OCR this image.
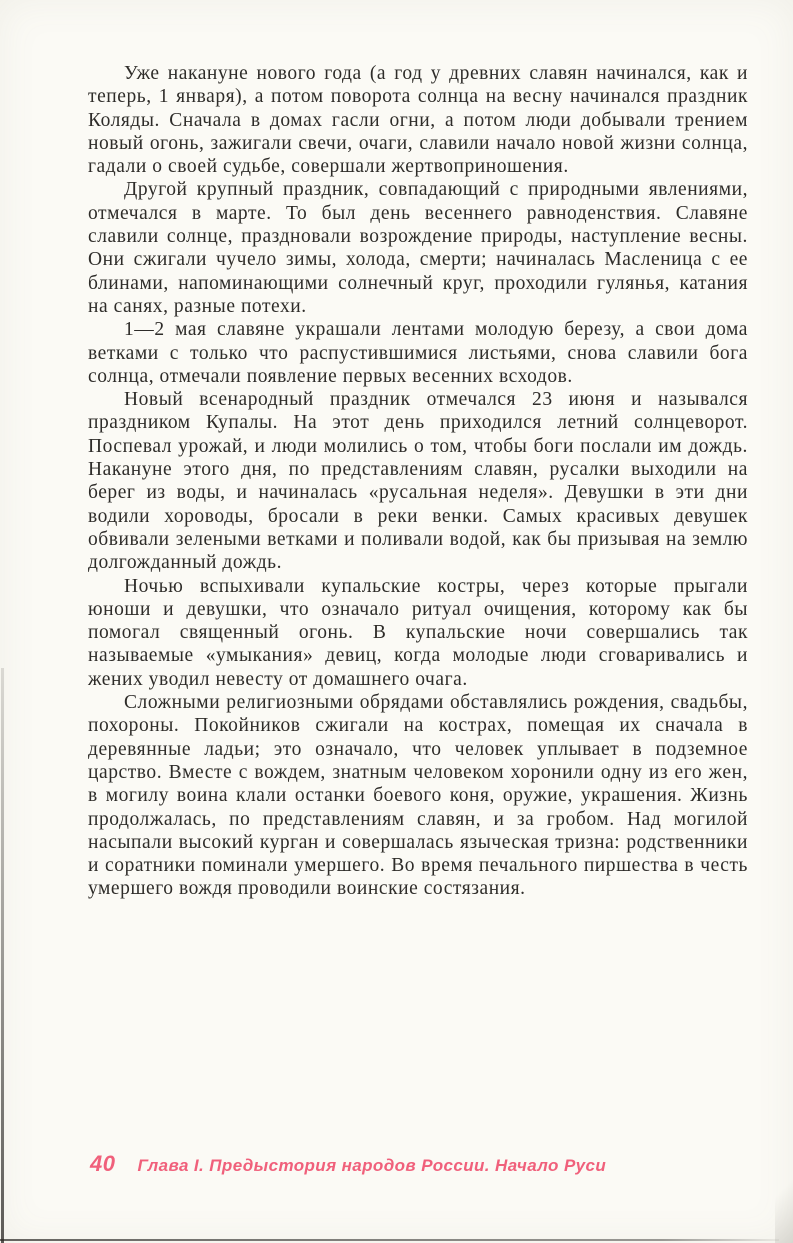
Уже накануне нового года (а год у древних славян начинался, как и теперь, 1 января), а потом поворота солнца на весну начинался праздник Коляды. Сначала в домах гасли огни, а потом люди добывали трением новый огонь, зажигали свечи, очаги, славили начало новой жизни солнца, гадали о своей судьбе, совершали жертвоприношения.

Другой крупный праздник, совпадающий с природными явлениями, отмечался в марте. То был день весеннего равноденствия. Славяне славили солнце, праздновали возрождение природы, наступление весны. Они сжигали чучело зимы, холода, смерти; начиналась Масленица с ее блинами, напоминающими солнечный круг, проходили гулянья, катания на санях, разные потехи.

1—2 мая славяне украшали лентами молодую березу, а свои дома ветками с только что распустившимися листьями, снова славили бога солнца, отмечали появление первых весенних всходов.

Новый всенародный праздник отмечался 23 июня и назывался праздником Купалы. На этот день приходился летний солнцеворот. Поспевал урожай, и люди молились о том, чтобы боги послали им дождь. Накануне этого дня, по представлениям славян, русалки выходили на берег из воды, и начиналась «русальная неделя». Девушки в эти дни водили хороводы, бросали в реки венки. Самых красивых девушек обвивали зелеными ветками и поливали водой, как бы призывая на землю долгожданный дождь.

Ночью вспыхивали купальские костры, через которые прыгали юноши и девушки, что означало ритуал очищения, которому как бы помогал священный огонь. В купальские ночи совершались так называемые «умыкания» девиц, когда молодые люди сговаривались и жених уводил невесту от домашнего очага.

Сложными религиозными обрядами обставлялись рождения, свадьбы, похороны. Покойников сжигали на кострах, помещая их сначала в деревянные ладьи; это означало, что человек уплывает в подземное царство. Вместе с вождем, знатным человеком хоронили одну из его жен, в могилу воина клали останки боевого коня, оружие, украшения. Жизнь продолжалась, по представлениям славян, и за гробом. Над могилой насыпали высокий курган и совершалась языческая тризна: родственники и соратники поминали умершего. Во время печального пиршества в честь умершего вождя проводили воинские состязания.

40 Глава I. Предыстория народов России. Начало Руси
